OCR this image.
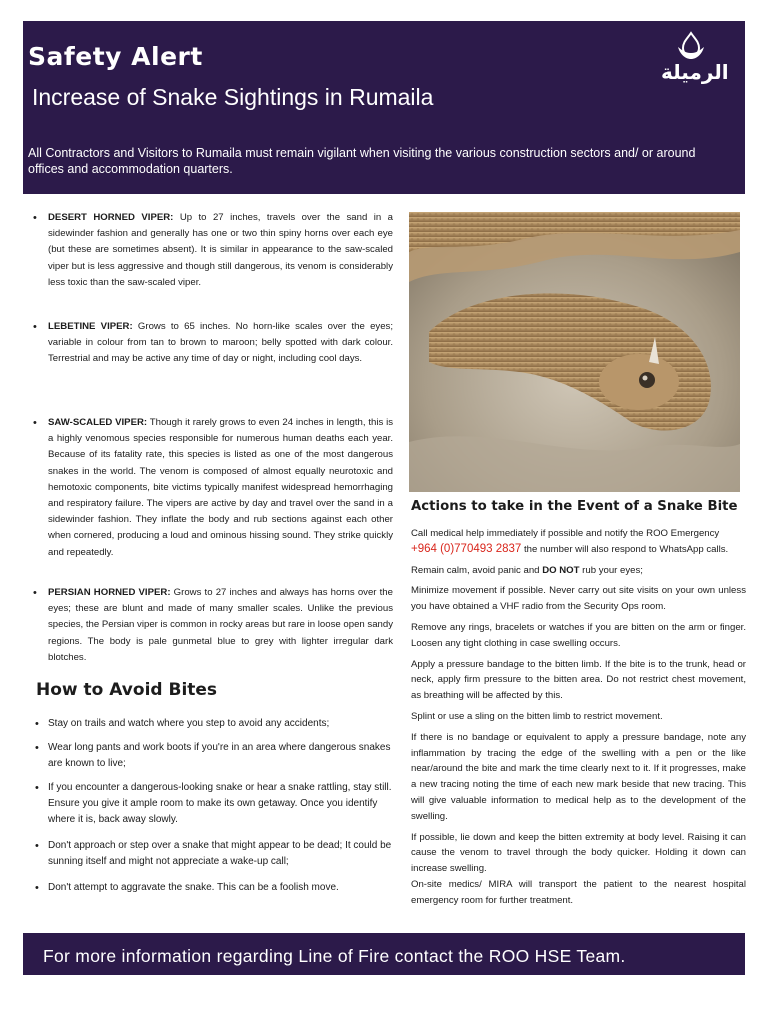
Safety Alert
Increase of Snake Sightings in Rumaila
All Contractors and Visitors to Rumaila must remain vigilant when visiting the various construction sectors and/ or around offices and accommodation quarters.
الرميلة
• DESERT HORNED VIPER: Up to 27 inches, travels over the sand in a sidewinder fashion and generally has one or two thin spiny horns over each eye (but these are sometimes absent). It is similar in appearance to the saw-scaled viper but is less aggressive and though still dangerous, its venom is considerably less toxic than the saw-scaled viper.
• LEBETINE VIPER: Grows to 65 inches. No horn-like scales over the eyes; variable in colour from tan to brown to maroon; belly spotted with dark colour. Terrestrial and may be active any time of day or night, including cool days.
• SAW-SCALED VIPER: Though it rarely grows to even 24 inches in length, this is a highly venomous species responsible for numerous human deaths each year. Because of its fatality rate, this species is listed as one of the most dangerous snakes in the world. The venom is composed of almost equally neurotoxic and hemotoxic components, bite victims typically manifest widespread hemorrhaging and respiratory failure. The vipers are active by day and travel over the sand in a sidewinder fashion. They inflate the body and rub sections against each other when cornered, producing a loud and ominous hissing sound. They strike quickly and repeatedly.
• PERSIAN HORNED VIPER: Grows to 27 inches and always has horns over the eyes; these are blunt and made of many smaller scales. Unlike the previous species, the Persian viper is common in rocky areas but rare in loose open sandy regions. The body is pale gunmetal blue to grey with lighter irregular dark blotches.
How to Avoid Bites
• Stay on trails and watch where you step to avoid any accidents;
• Wear long pants and work boots if you're in an area where dangerous snakes are known to live;
• If you encounter a dangerous-looking snake or hear a snake rattling, stay still. Ensure you give it ample room to make its own getaway. Once you identify where it is, back away slowly.
• Don't approach or step over a snake that might appear to be dead; It could be sunning itself and might not appreciate a wake-up call;
• Don't attempt to aggravate the snake. This can be a foolish move.
Actions to take in the Event of a Snake Bite

Call medical help immediately if possible and notify the ROO Emergency
+964 (0)770493 2837 the number will also respond to WhatsApp calls.

Remain calm, avoid panic and DO NOT rub your eyes;

Minimize movement if possible. Never carry out site visits on your own unless you have obtained a VHF radio from the Security Ops room.

Remove any rings, bracelets or watches if you are bitten on the arm or finger. Loosen any tight clothing in case swelling occurs.

Apply a pressure bandage to the bitten limb. If the bite is to the trunk, head or neck, apply firm pressure to the bitten area. Do not restrict chest movement, as breathing will be affected by this.

Splint or use a sling on the bitten limb to restrict movement.

If there is no bandage or equivalent to apply a pressure bandage, note any inflammation by tracing the edge of the swelling with a pen or the like near/around the bite and mark the time clearly next to it. If it progresses, make a new tracing noting the time of each new mark beside that new tracing. This will give valuable information to medical help as to the development of the swelling.

If possible, lie down and keep the bitten extremity at body level. Raising it can cause the venom to travel through the body quicker. Holding it down can increase swelling.

On-site medics/ MIRA will transport the patient to the nearest hospital emergency room for further treatment.

For more information regarding Line of Fire contact the ROO HSE Team.
